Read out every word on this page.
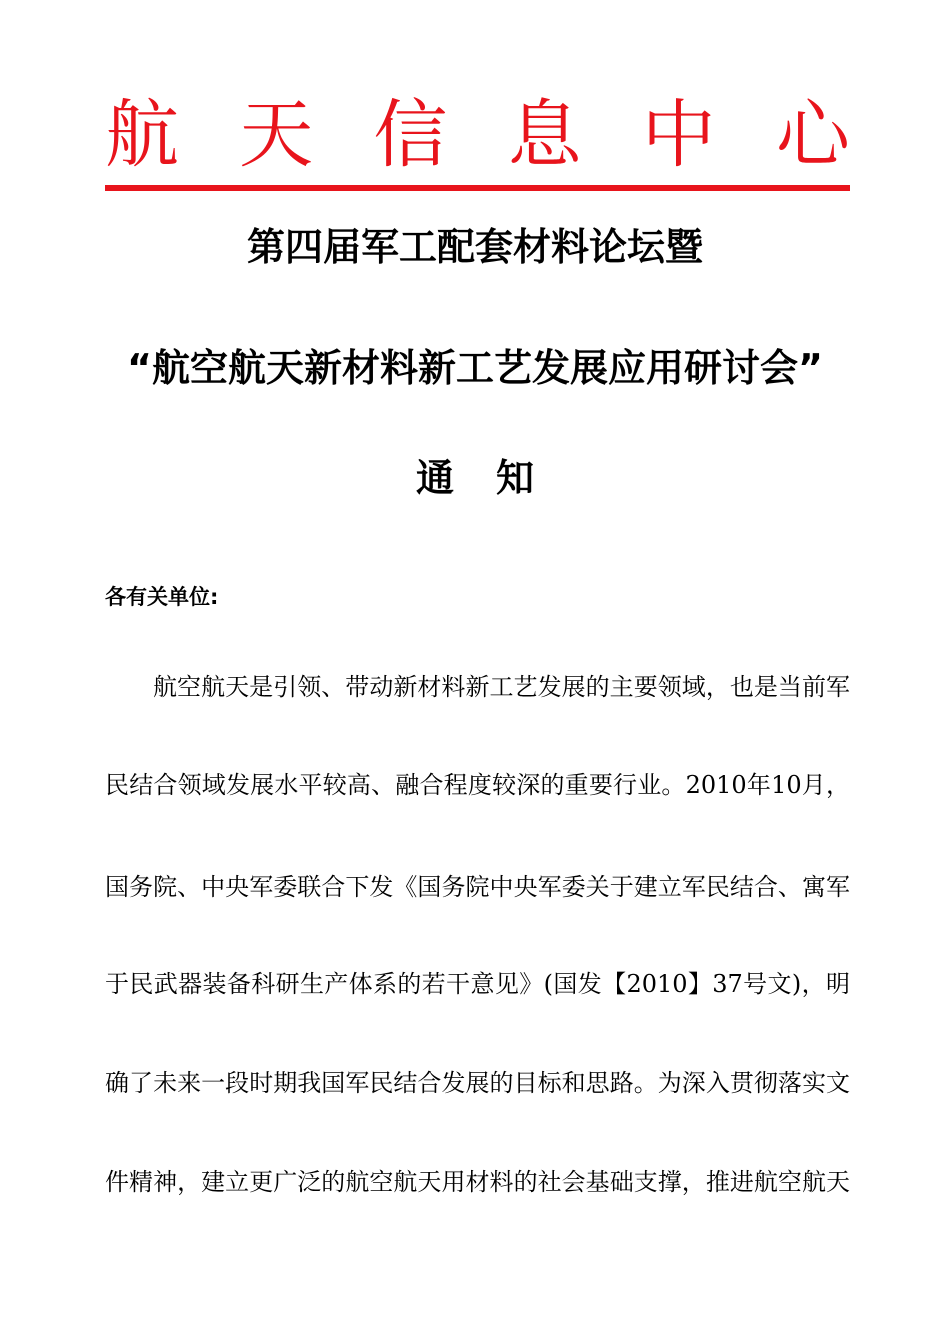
航 天 信 息 中 心
第四届军工配套材料论坛暨
“航空航天新材料新工艺发展应用研讨会”
通 知
各有关单位:
航空航天是引领、带动新材料新工艺发展的主要领域，也是当前军
民结合领域发展水平较高、融合程度较深的重要行业。2010年10月，
国务院、中央军委联合下发《国务院中央军委关于建立军民结合、寓军
于民武器装备科研生产体系的若干意见》(国发【2010】37号文)，明
确了未来一段时期我国军民结合发展的目标和思路。为深入贯彻落实文
件精神，建立更广泛的航空航天用材料的社会基础支撑，推进航空航天
